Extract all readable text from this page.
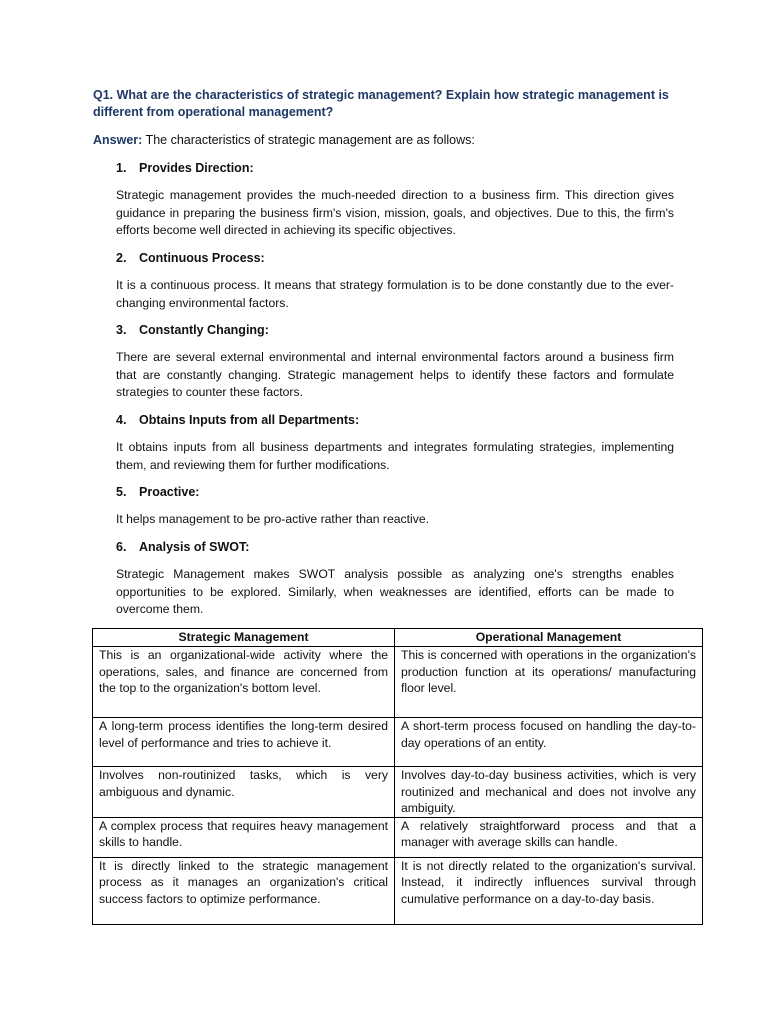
Q1. What are the characteristics of strategic management? Explain how strategic management is different from operational management?

Answer: The characteristics of strategic management are as follows:

1. Provides Direction:

Strategic management provides the much-needed direction to a business firm. This direction gives guidance in preparing the business firm's vision, mission, goals, and objectives. Due to this, the firm's efforts become well directed in achieving its specific objectives.

2. Continuous Process:

It is a continuous process. It means that strategy formulation is to be done constantly due to the ever-changing environmental factors.

3. Constantly Changing:

There are several external environmental and internal environmental factors around a business firm that are constantly changing. Strategic management helps to identify these factors and formulate strategies to counter these factors.

4. Obtains Inputs from all Departments:

It obtains inputs from all business departments and integrates formulating strategies, implementing them, and reviewing them for further modifications.

5. Proactive:

It helps management to be pro-active rather than reactive.

6. Analysis of SWOT:

Strategic Management makes SWOT analysis possible as analyzing one's strengths enables opportunities to be explored. Similarly, when weaknesses are identified, efforts can be made to overcome them.

Strategic Management	Operational Management
This is an organizational-wide activity where the operations, sales, and finance are concerned from the top to the organization's bottom level.	This is concerned with operations in the organization's production function at its operations/ manufacturing floor level.
A long-term process identifies the long-term desired level of performance and tries to achieve it.	A short-term process focused on handling the day-to-day operations of an entity.
Involves non-routinized tasks, which is very ambiguous and dynamic.	Involves day-to-day business activities, which is very routinized and mechanical and does not involve any ambiguity.
A complex process that requires heavy management skills to handle.	A relatively straightforward process and that a manager with average skills can handle.
It is directly linked to the strategic management process as it manages an organization's critical success factors to optimize performance.	It is not directly related to the organization's survival. Instead, it indirectly influences survival through cumulative performance on a day-to-day basis.
